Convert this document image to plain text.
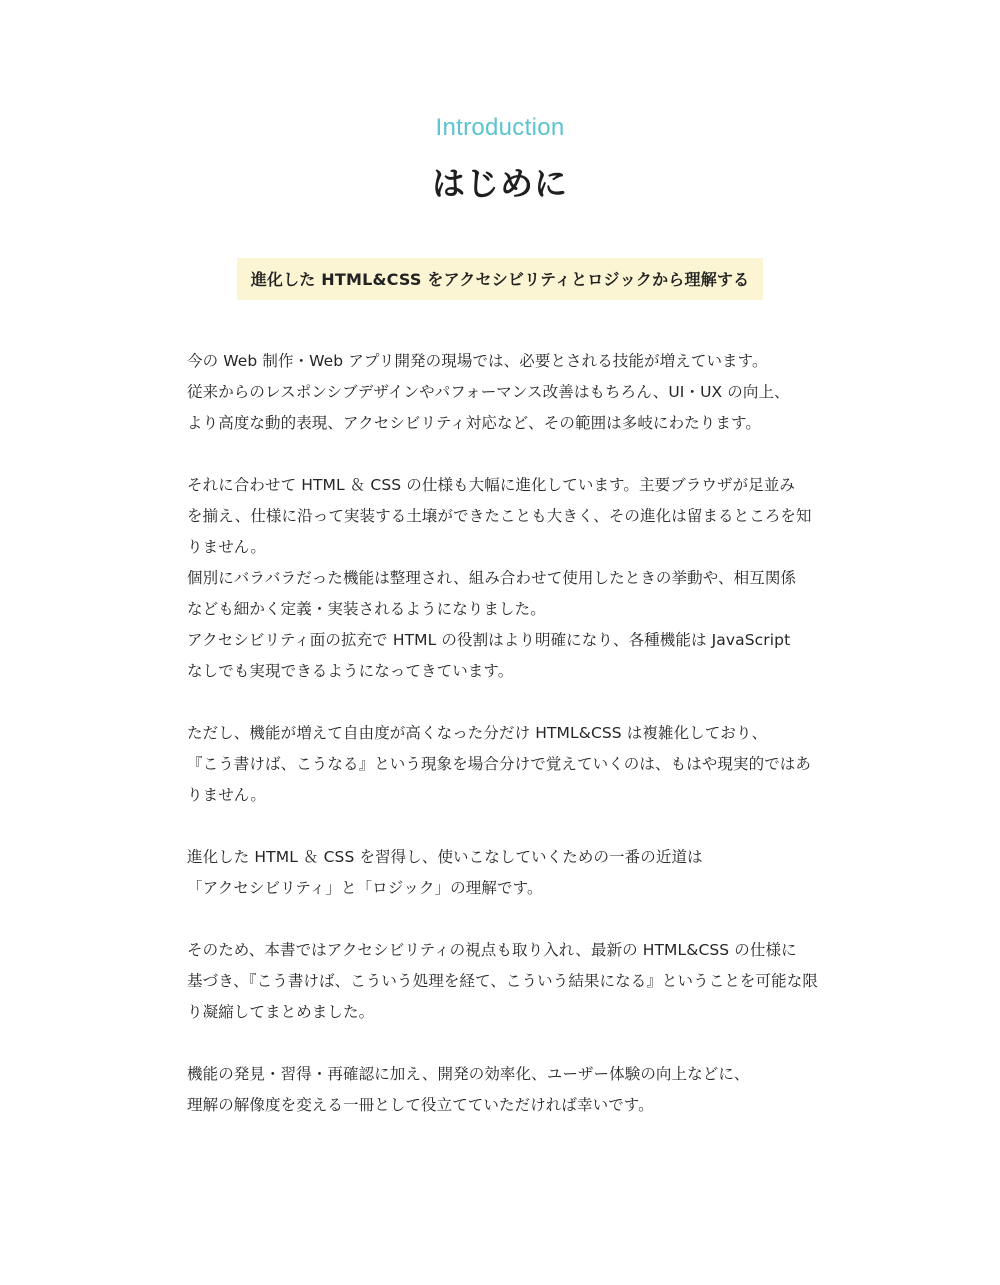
Introduction
はじめに
進化した HTML&CSS をアクセシビリティとロジックから理解する
今の Web 制作・Web アプリ開発の現場では、必要とされる技能が増えています。
従来からのレスポンシブデザインやパフォーマンス改善はもちろん、UI・UX の向上、
より高度な動的表現、アクセシビリティ対応など、その範囲は多岐にわたります。
それに合わせて HTML ＆ CSS の仕様も大幅に進化しています。主要ブラウザが足並み
を揃え、仕様に沿って実装する土壌ができたことも大きく、その進化は留まるところを知
りません。
個別にバラバラだった機能は整理され、組み合わせて使用したときの挙動や、相互関係
なども細かく定義・実装されるようになりました。
アクセシビリティ面の拡充で HTML の役割はより明確になり、各種機能は JavaScript
なしでも実現できるようになってきています。
ただし、機能が増えて自由度が高くなった分だけ HTML&CSS は複雑化しており、
『こう書けば、こうなる』という現象を場合分けで覚えていくのは、もはや現実的ではあ
りません。
進化した HTML ＆ CSS を習得し、使いこなしていくための一番の近道は
「アクセシビリティ」と「ロジック」の理解です。
そのため、本書ではアクセシビリティの視点も取り入れ、最新の HTML&CSS の仕様に
基づき、『こう書けば、こういう処理を経て、こういう結果になる』ということを可能な限
り凝縮してまとめました。
機能の発見・習得・再確認に加え、開発の効率化、ユーザー体験の向上などに、
理解の解像度を変える一冊として役立てていただければ幸いです。
